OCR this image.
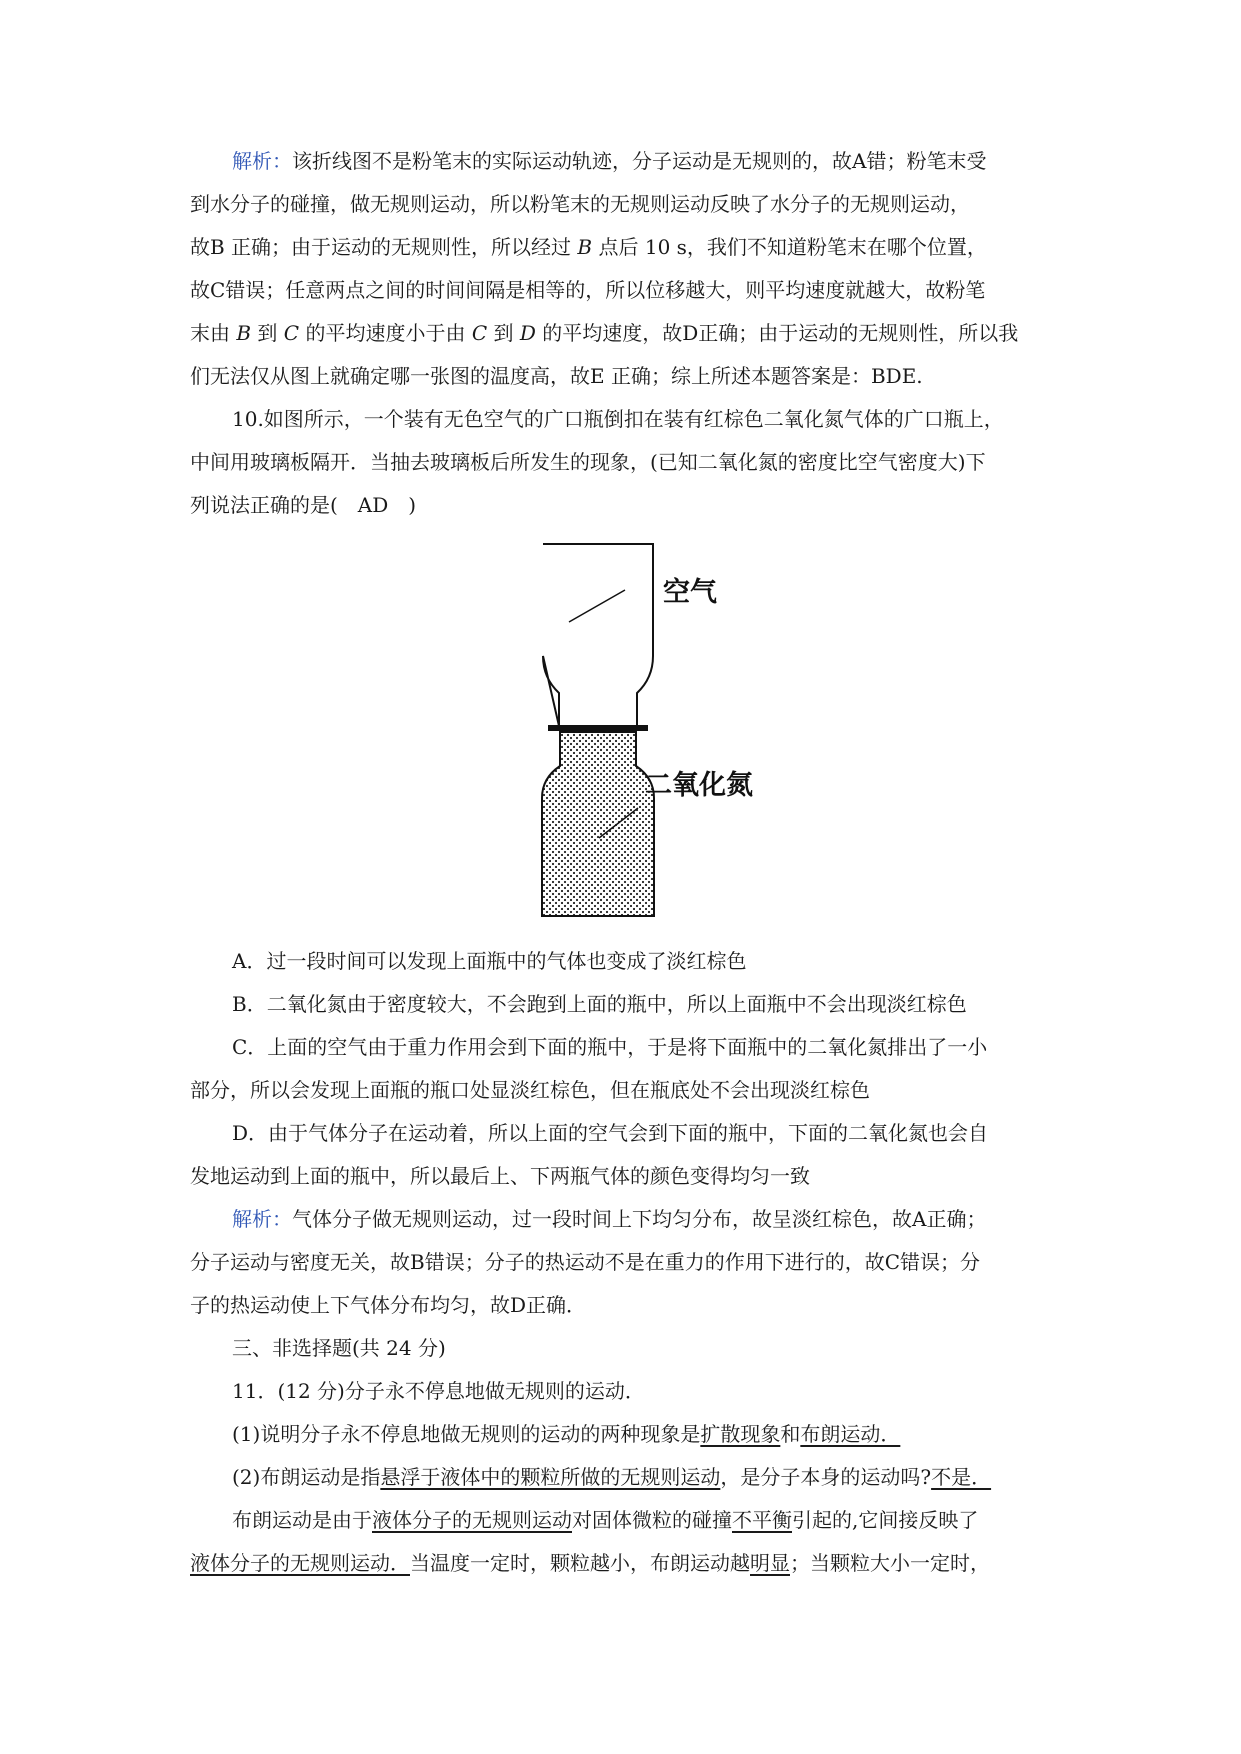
解析：该折线图不是粉笔末的实际运动轨迹，分子运动是无规则的，故A错；粉笔末受
到水分子的碰撞，做无规则运动，所以粉笔末的无规则运动反映了水分子的无规则运动，
故B 正确；由于运动的无规则性，所以经过 B 点后 10 s，我们不知道粉笔末在哪个位置，
故C错误；任意两点之间的时间间隔是相等的，所以位移越大，则平均速度就越大，故粉笔
末由 B 到 C 的平均速度小于由 C 到 D 的平均速度，故D正确；由于运动的无规则性，所以我
们无法仅从图上就确定哪一张图的温度高，故E 正确；综上所述本题答案是：BDE.
10.如图所示，一个装有无色空气的广口瓶倒扣在装有红棕色二氧化氮气体的广口瓶上，
中间用玻璃板隔开．当抽去玻璃板后所发生的现象，(已知二氧化氮的密度比空气密度大)下
列说法正确的是(　AD　)
A．过一段时间可以发现上面瓶中的气体也变成了淡红棕色
B．二氧化氮由于密度较大，不会跑到上面的瓶中，所以上面瓶中不会出现淡红棕色
C．上面的空气由于重力作用会到下面的瓶中，于是将下面瓶中的二氧化氮排出了一小
部分，所以会发现上面瓶的瓶口处显淡红棕色，但在瓶底处不会出现淡红棕色
D．由于气体分子在运动着，所以上面的空气会到下面的瓶中，下面的二氧化氮也会自
发地运动到上面的瓶中，所以最后上、下两瓶气体的颜色变得均匀一致
解析：气体分子做无规则运动，过一段时间上下均匀分布，故呈淡红棕色，故A正确；
分子运动与密度无关，故B错误；分子的热运动不是在重力的作用下进行的，故C错误；分
子的热运动使上下气体分布均匀，故D正确．
三、非选择题(共 24 分)
11．(12 分)分子永不停息地做无规则的运动．
(1)说明分子永不停息地做无规则的运动的两种现象是扩散现象和布朗运动．
(2)布朗运动是指悬浮于液体中的颗粒所做的无规则运动，是分子本身的运动吗?不是．
布朗运动是由于液体分子的无规则运动对固体微粒的碰撞不平衡引起的,它间接反映了
液体分子的无规则运动．当温度一定时，颗粒越小，布朗运动越明显；当颗粒大小一定时，
空气
二氧化氮
